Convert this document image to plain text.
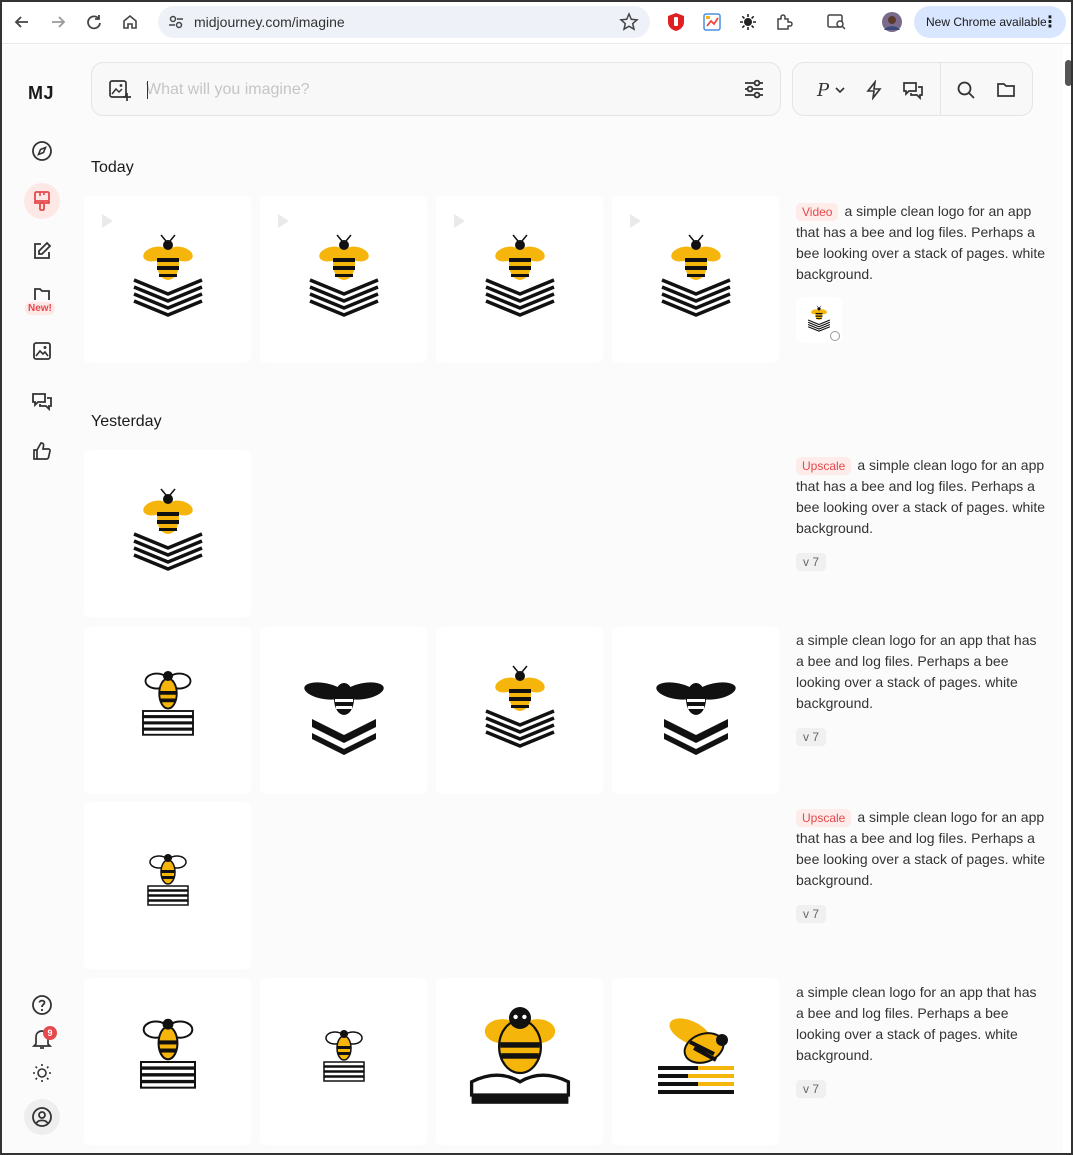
midjourney.com/imagine	New Chrome available
⋮
MJ
New!
9
What will you imagine?
P
Today
Video a simple clean logo for an app that has a bee and log files. Perhaps a bee looking over a stack of pages. white background.
Yesterday
Upscale a simple clean logo for an app that has a bee and log files. Perhaps a bee looking over a stack of pages. white background.
v 7
a simple clean logo for an app that has a bee and log files. Perhaps a bee looking over a stack of pages. white background.
v 7
Upscale a simple clean logo for an app that has a bee and log files. Perhaps a bee looking over a stack of pages. white background.
v 7
a simple clean logo for an app that has a bee and log files. Perhaps a bee looking over a stack of pages. white background.
v 7
